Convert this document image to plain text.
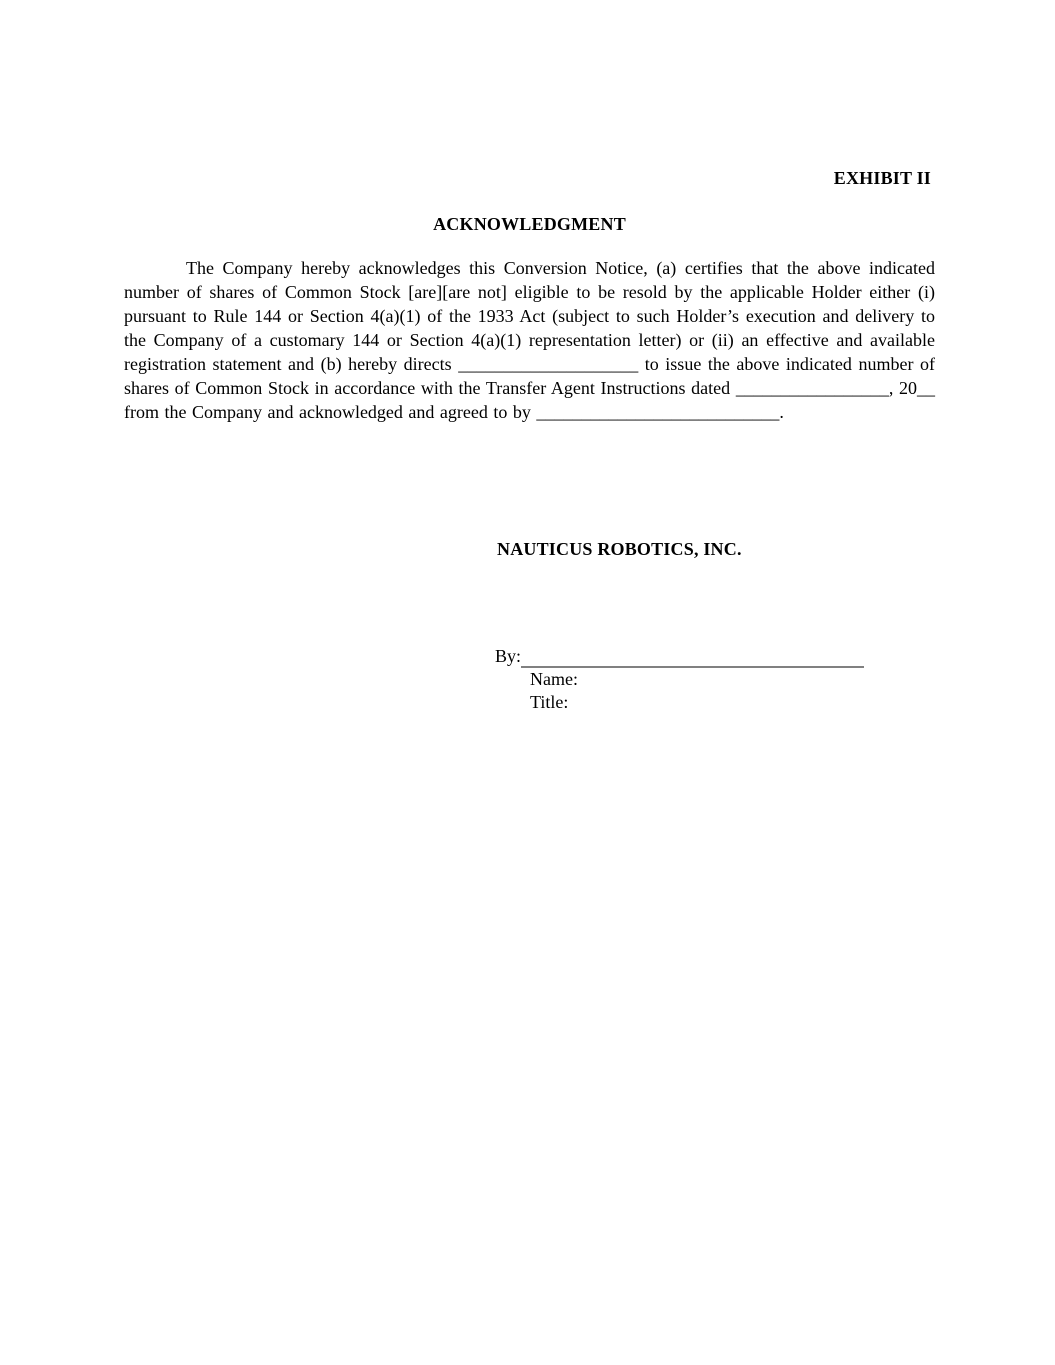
EXHIBIT II
ACKNOWLEDGMENT

The Company hereby acknowledges this Conversion Notice, (a) certifies that the above indicated number of shares of Common Stock [are][are not] eligible to be resold by the applicable Holder either (i) pursuant to Rule 144 or Section 4(a)(1) of the 1933 Act (subject to such Holder’s execution and delivery to the Company of a customary 144 or Section 4(a)(1) representation letter) or (ii) an effective and available registration statement and (b) hereby directs ____________________ to issue the above indicated number of shares of Common Stock in accordance with the Transfer Agent Instructions dated _________________, 20__ from the Company and acknowledged and agreed to by ___________________________.

NAUTICUS ROBOTICS, INC.
By:
Name:
Title:
